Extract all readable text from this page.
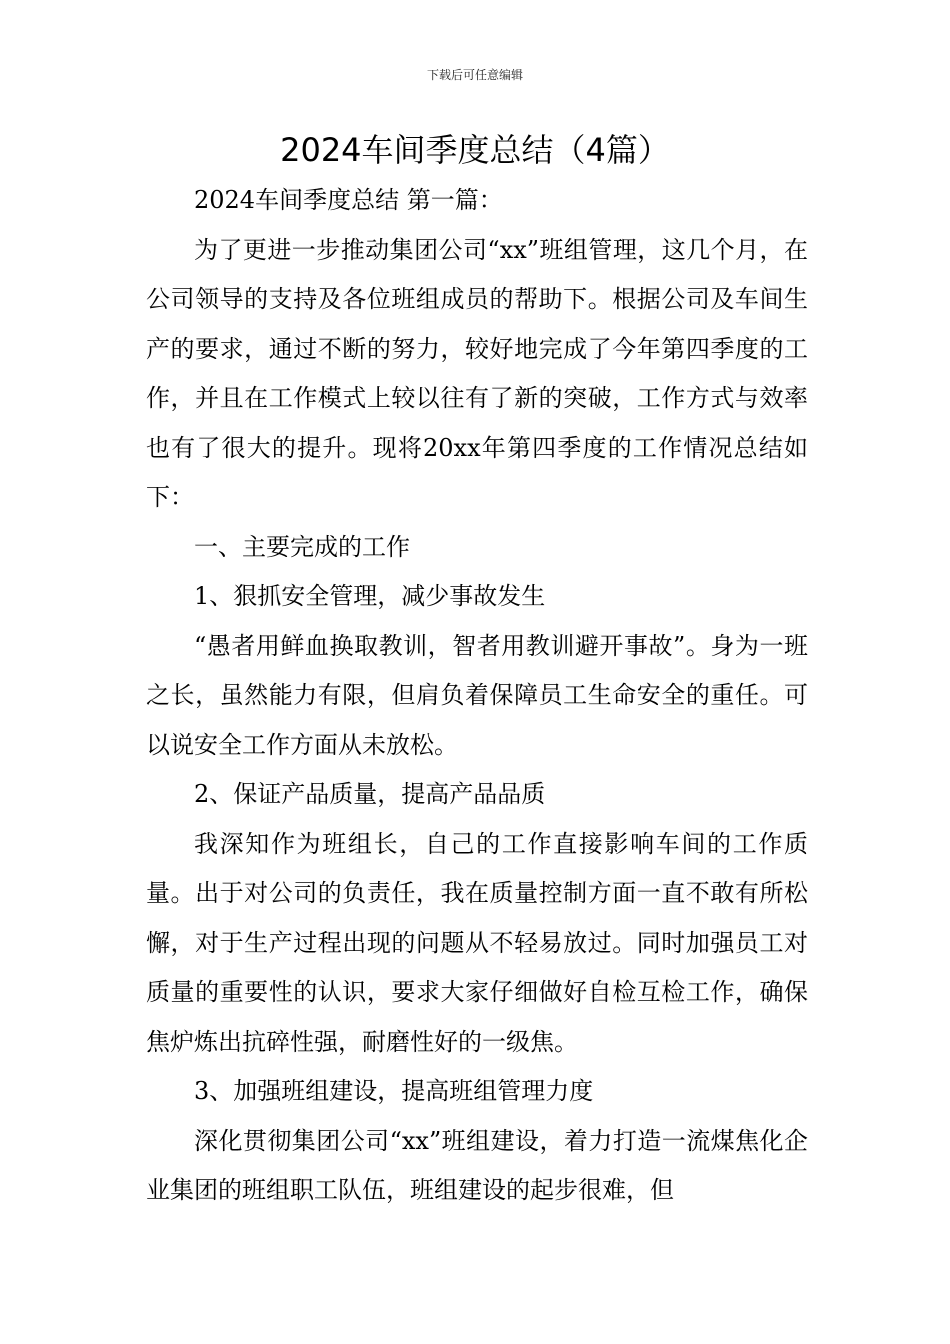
下载后可任意编辑
2024车间季度总结（4篇）

2024车间季度总结 第一篇：

为了更进一步推动集团公司“xx”班组管理，这几个月，在公司领导的支持及各位班组成员的帮助下。根据公司及车间生产的要求，通过不断的努力，较好地完成了今年第四季度的工作，并且在工作模式上较以往有了新的突破，工作方式与效率也有了很大的提升。现将20xx年第四季度的工作情况总结如下：

一、主要完成的工作

1、狠抓安全管理，减少事故发生

“愚者用鲜血换取教训，智者用教训避开事故”。身为一班之长，虽然能力有限，但肩负着保障员工生命安全的重任。可以说安全工作方面从未放松。

2、保证产品质量，提高产品品质

我深知作为班组长，自己的工作直接影响车间的工作质量。出于对公司的负责任，我在质量控制方面一直不敢有所松懈，对于生产过程出现的问题从不轻易放过。同时加强员工对质量的重要性的认识，要求大家仔细做好自检互检工作，确保焦炉炼出抗碎性强，耐磨性好的一级焦。

3、加强班组建设，提高班组管理力度

深化贯彻集团公司“xx”班组建设，着力打造一流煤焦化企业集团的班组职工队伍，班组建设的起步很难，但
